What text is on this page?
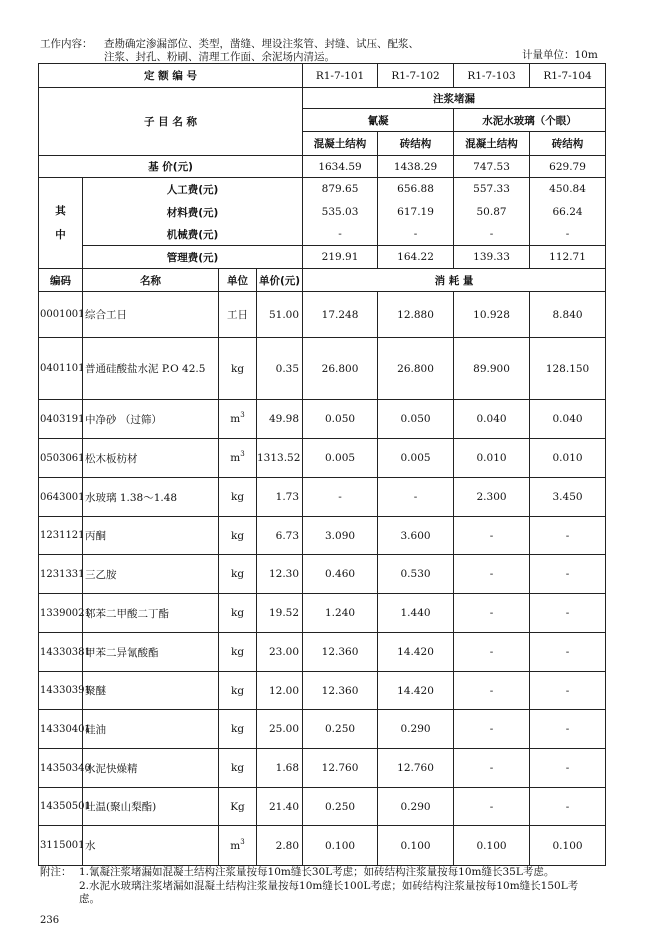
工作内容： 查勘确定渗漏部位、类型，凿缝、埋设注浆管、封缝、试压、配浆、
注浆、封孔、粉刷、清理工作面、余泥场内清运。	计量单位：10m
定 额 编 号				R1-7-101	R1-7-102	R1-7-103	R1-7-104
子 目 名 称				注浆堵漏			
				氰凝		水泥水玻璃（个眼）	
				混凝土结构	砖结构	混凝土结构	砖结构
基 价(元)				1634.59	1438.29	747.53	629.79
其
中	人工费(元)			879.65	656.88	557.33	450.84
	材料费(元)			535.03	617.19	50.87	66.24
	机械费(元)			-	-	-	-
	管理费(元)			219.91	164.22	139.33	112.71
编码	名称	单位	单价(元)	消 耗 量			
0001001	综合工日	工日	51.00	17.248	12.880	10.928	8.840
0401101	普通硅酸盐水泥 P.O 42.5	kg	0.35	26.800	26.800	89.900	128.150
0403191	中净砂 （过筛）	$m^3$	49.98	0.050	0.050	0.040	0.040
0503061	松木板枋材	$m^3$	1313.52	0.005	0.005	0.010	0.010
0643001	水玻璃 1.38～1.48	kg	1.73	-	-	2.300	3.450
1231121	丙酮	kg	6.73	3.090	3.600	-	-
1231331	三乙胺	kg	12.30	0.460	0.530	-	-
13390021	邻苯二甲酸二丁酯	kg	19.52	1.240	1.440	-	-
14330381	甲苯二异氰酸酯	kg	23.00	12.360	14.420	-	-
14330391	聚醚	kg	12.00	12.360	14.420	-	-
14330401	硅油	kg	25.00	0.250	0.290	-	-
14350340	水泥快燥精	kg	1.68	12.760	12.760	-	-
14350501	吐温(聚山梨酯)	Kg	21.40	0.250	0.290	-	-
3115001	水	$m^3$	2.80	0.100	0.100	0.100	0.100
附注： 1.氰凝注浆堵漏如混凝土结构注浆量按每10m缝长30L考虑；如砖结构注浆量按每10m缝长35L考虑。
2.水泥水玻璃注浆堵漏如混凝土结构注浆量按每10m缝长100L考虑；如砖结构注浆量按每10m缝长150L考
虑。
236
